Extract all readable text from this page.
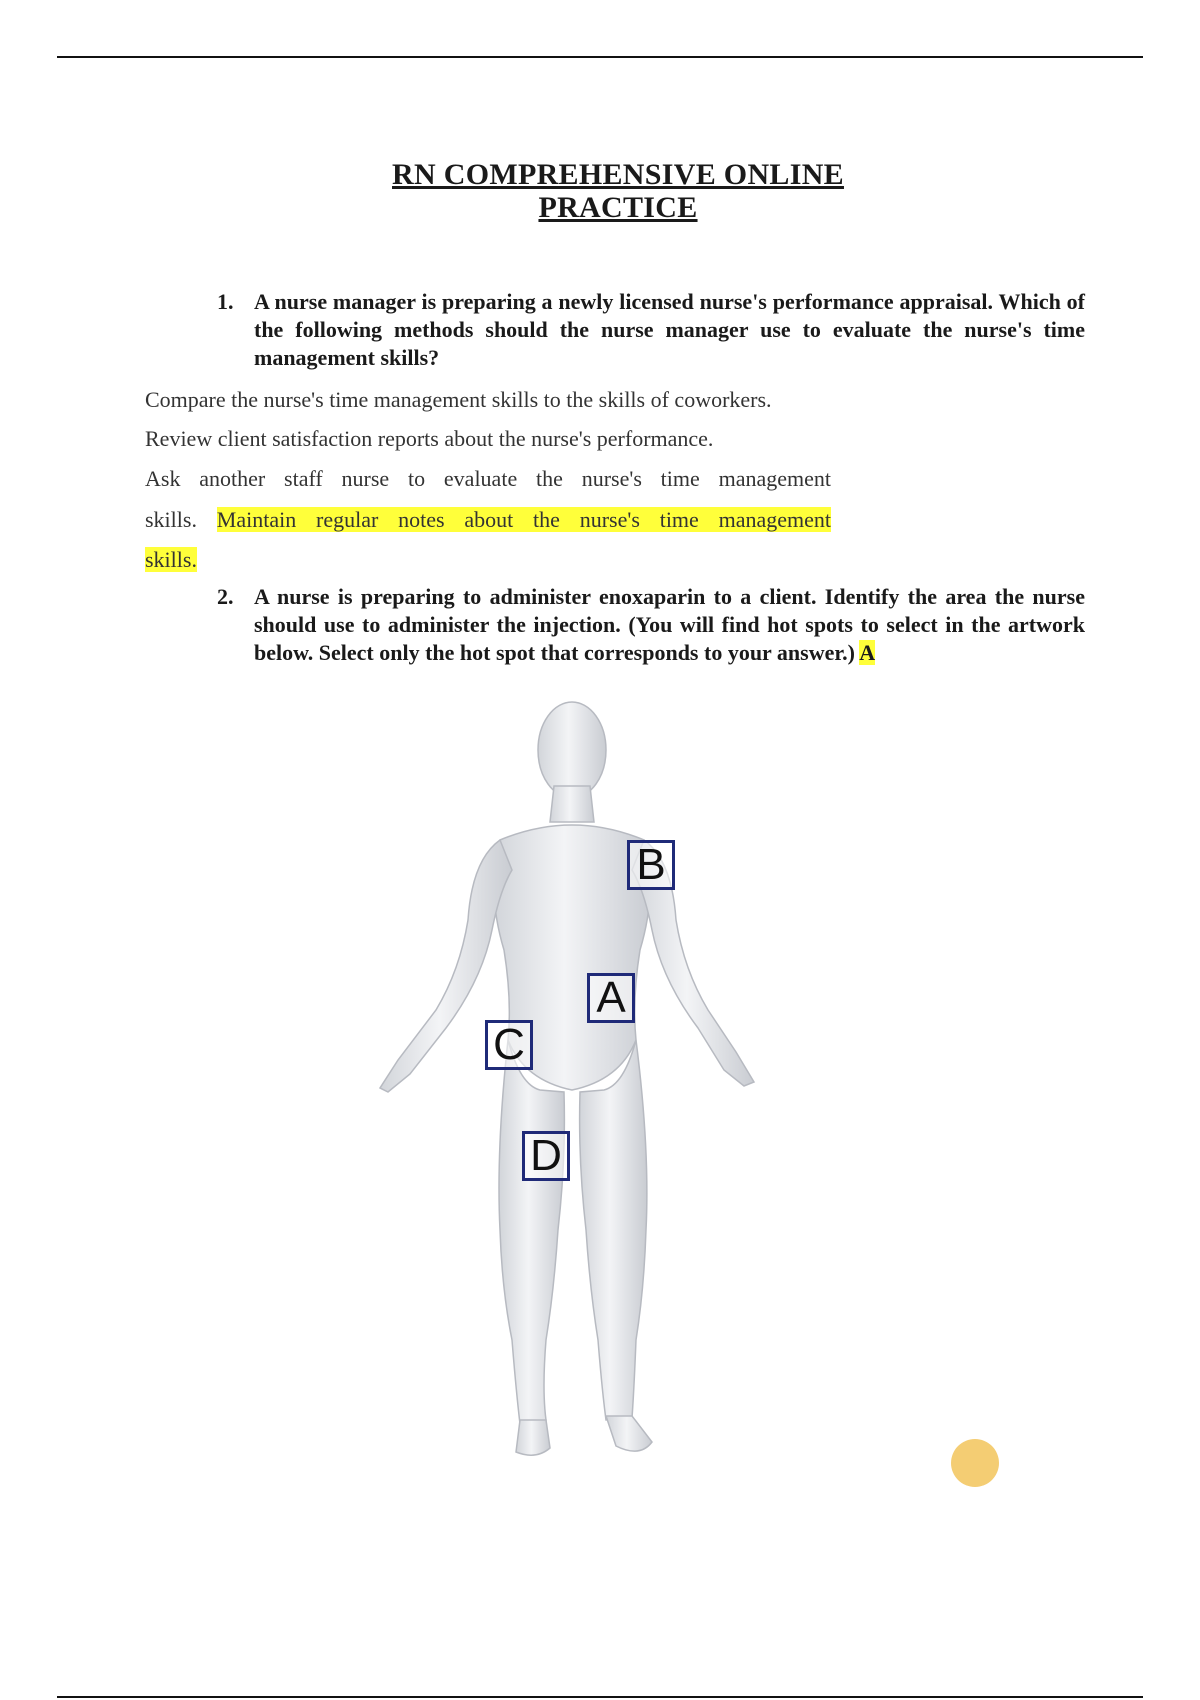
RN COMPREHENSIVE ONLINE
PRACTICE
1. A nurse manager is preparing a newly licensed nurse's performance appraisal. Which of the following methods should the nurse manager use to evaluate the nurse's time management skills?
Compare the nurse's time management skills to the skills of coworkers.
Review client satisfaction reports about the nurse's performance.
Ask another staff nurse to evaluate the nurse's time management
skills. Maintain regular notes about the nurse's time management
skills.
2. A nurse is preparing to administer enoxaparin to a client. Identify the area the nurse should use to administer the injection. (You will find hot spots to select in the artwork below. Select only the hot spot that corresponds to your answer.) A
B
A
C
D
